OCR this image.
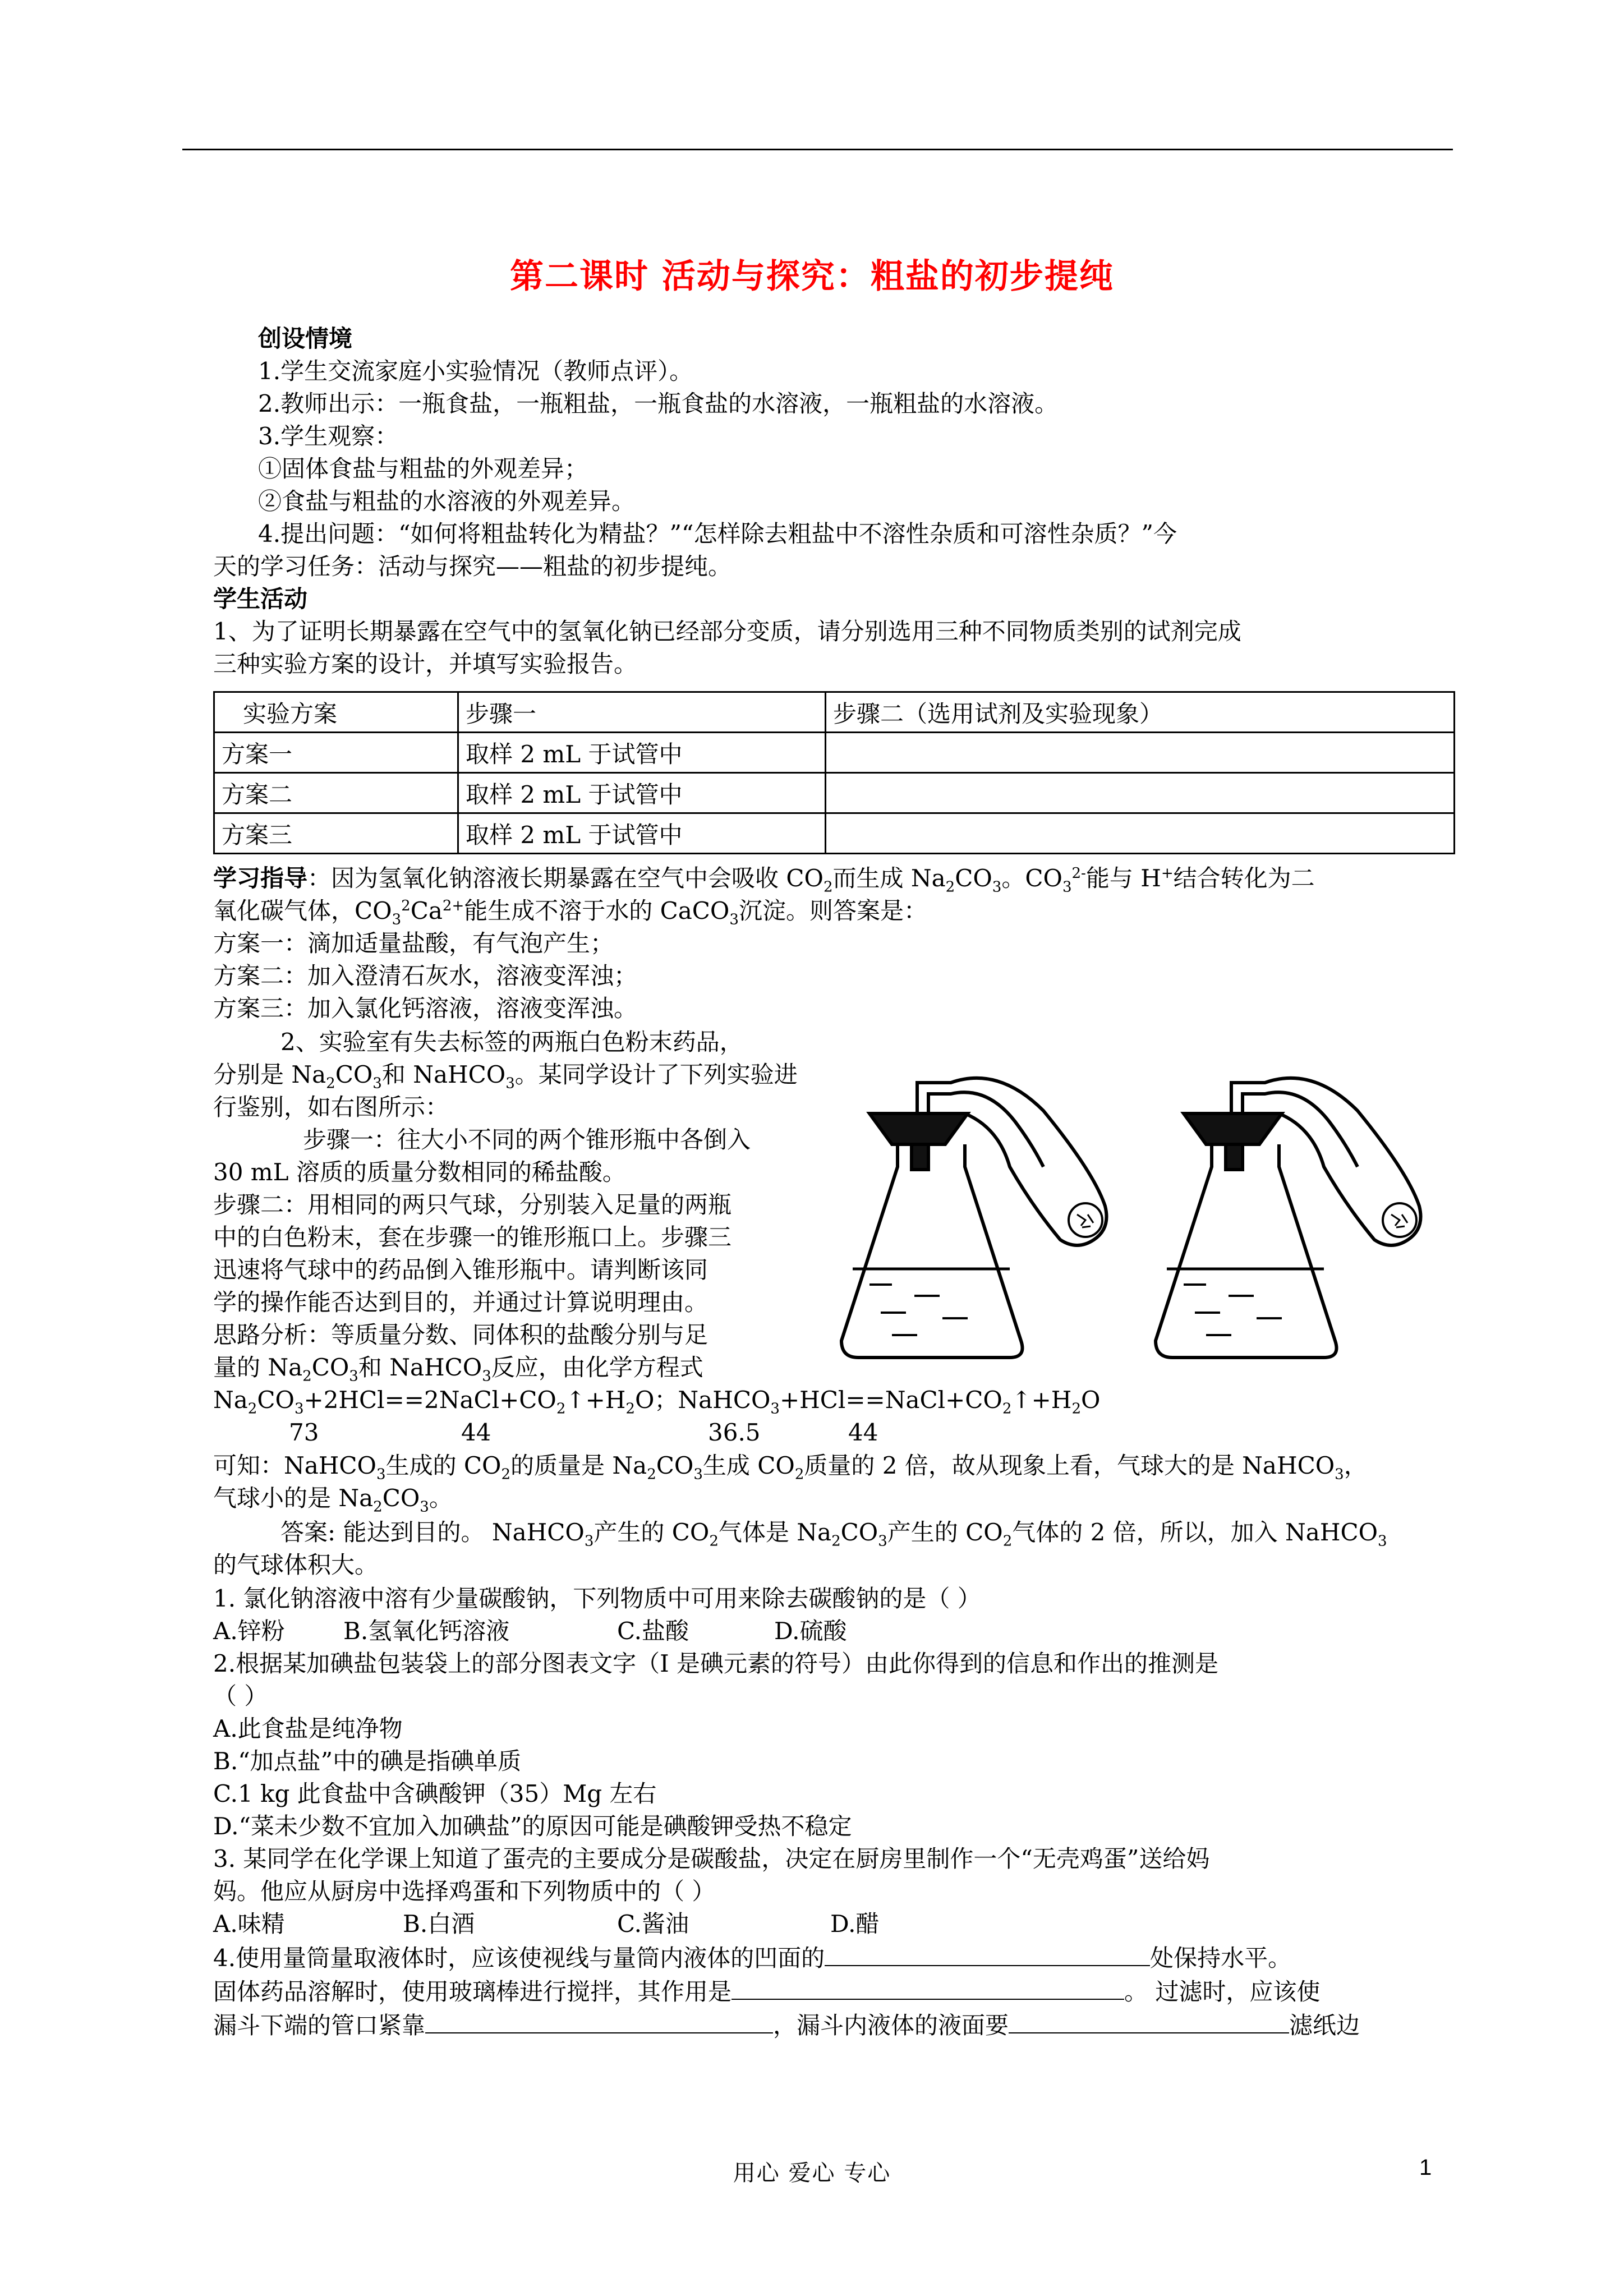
第二课时 活动与探究：粗盐的初步提纯
创设情境
1.学生交流家庭小实验情况（教师点评）。
2.教师出示：一瓶食盐，一瓶粗盐，一瓶食盐的水溶液，一瓶粗盐的水溶液。
3.学生观察：
①固体食盐与粗盐的外观差异；
②食盐与粗盐的水溶液的外观差异。
4.提出问题：“如何将粗盐转化为精盐？”“怎样除去粗盐中不溶性杂质和可溶性杂质？”今
天的学习任务：活动与探究——粗盐的初步提纯。
学生活动
1、为了证明长期暴露在空气中的氢氧化钠已经部分变质，请分别选用三种不同物质类别的试剂完成
三种实验方案的设计，并填写实验报告。
实验方案	步骤一	步骤二（选用试剂及实验现象）
方案一	取样 2 mL 于试管中	
方案二	取样 2 mL 于试管中	
方案三	取样 2 mL 于试管中	
学习指导：因为氢氧化钠溶液长期暴露在空气中会吸收 $CO_2$而生成 $Na_2CO_3$。$CO_3^{2-}$能与 H+结合转化为二
氧化碳气体，$CO_3^2Ca^{2+}$能生成不溶于水的 CaCO$_3$沉淀。则答案是：
方案一：滴加适量盐酸，有气泡产生；
方案二：加入澄清石灰水，溶液变浑浊；
方案三：加入氯化钙溶液，溶液变浑浊。
2、实验室有失去标签的两瓶白色粉末药品，
分别是 $Na_2CO_3$和 NaHCO$_3$。某同学设计了下列实验进
行鉴别，如右图所示：
步骤一：往大小不同的两个锥形瓶中各倒入
30 mL 溶质的质量分数相同的稀盐酸。
步骤二：用相同的两只气球，分别装入足量的两瓶
中的白色粉末，套在步骤一的锥形瓶口上。步骤三
迅速将气球中的药品倒入锥形瓶中。请判断该同
学的操作能否达到目的，并通过计算说明理由。
思路分析：等质量分数、同体积的盐酸分别与足
量的 $Na_2CO_3$和 NaHCO$_3$反应，由化学方程式
$Na_2CO_3+2HCl==2NaCl+CO_2↑+H_2O$；$NaHCO_3+HCl==NaCl+CO_2↑+H_2O$
73	44	36.5	44
可知：NaHCO$_3$生成的 $CO_2$的质量是 $Na_2CO_3$生成 $CO_2$质量的 2 倍，故从现象上看，气球大的是 NaHCO$_3$，
气球小的是 $Na_2CO_3$。
答案: 能达到目的。 NaHCO$_3$产生的 $CO_2$气体是 $Na_2CO_3$产生的 $CO_2$气体的 2 倍，所以，加入 NaHCO$_3$
的气球体积大。
1. 氯化钠溶液中溶有少量碳酸钠，下列物质中可用来除去碳酸钠的是（ ）
A.锌粉 B.氢氧化钙溶液	C.盐酸	D.硫酸
2.根据某加碘盐包装袋上的部分图表文字（I 是碘元素的符号）由此你得到的信息和作出的推测是
（ ）
A.此食盐是纯净物
B.“加点盐”中的碘是指碘单质
C.1 kg 此食盐中含碘酸钾（35）Mg 左右
D.“菜未少数不宜加入加碘盐”的原因可能是碘酸钾受热不稳定
3. 某同学在化学课上知道了蛋壳的主要成分是碳酸盐，决定在厨房里制作一个“无壳鸡蛋”送给妈
妈。他应从厨房中选择鸡蛋和下列物质中的（ ）
A.味精	B.白酒	C.酱油	D.醋
4.使用量筒量取液体时，应该使视线与量筒内液体的凹面的	处保持水平。
固体药品溶解时，使用玻璃棒进行搅拌，其作用是	。 过滤时，应该使
漏斗下端的管口紧靠	，漏斗内液体的液面要	滤纸边
用心 爱心 专心	1
